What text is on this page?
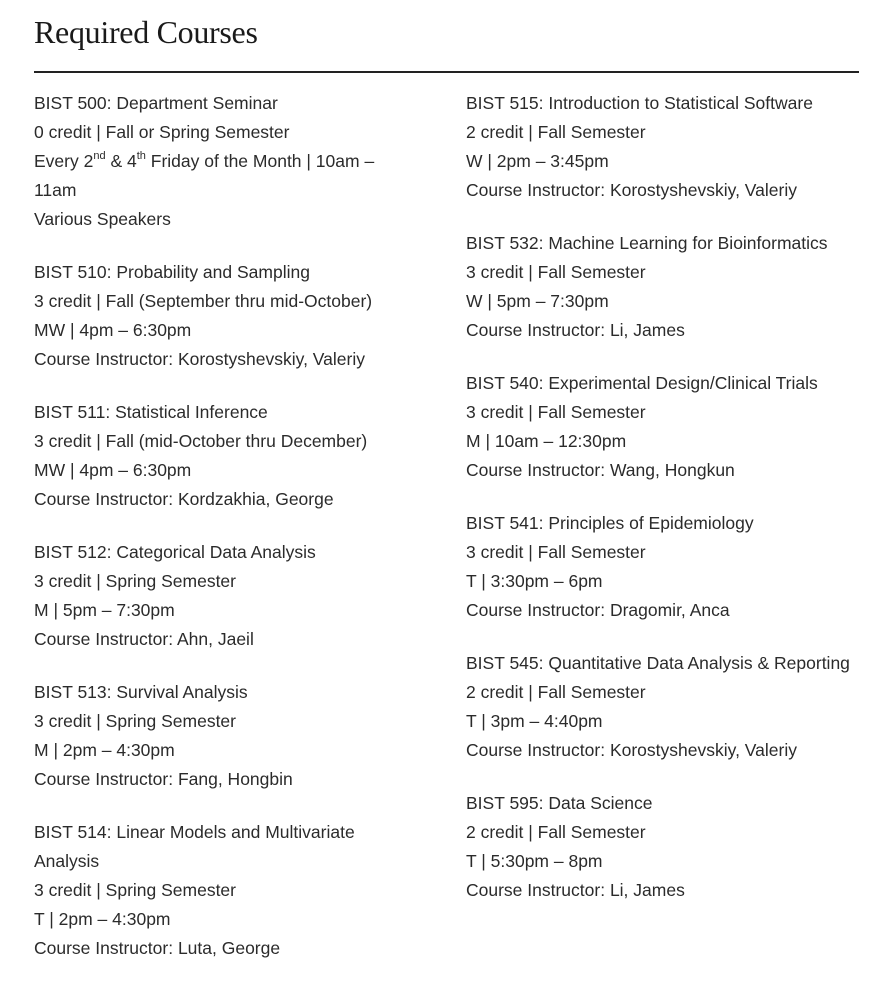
Required Courses
BIST 500: Department Seminar
0 credit | Fall or Spring Semester
Every 2nd & 4th Friday of the Month | 10am – 11am
Various Speakers
BIST 510: Probability and Sampling
3 credit | Fall (September thru mid-October)
MW | 4pm – 6:30pm
Course Instructor: Korostyshevskiy, Valeriy
BIST 511: Statistical Inference
3 credit | Fall (mid-October thru December)
MW | 4pm – 6:30pm
Course Instructor: Kordzakhia, George
BIST 512: Categorical Data Analysis
3 credit | Spring Semester
M | 5pm – 7:30pm
Course Instructor: Ahn, Jaeil
BIST 513: Survival Analysis
3 credit | Spring Semester
M | 2pm – 4:30pm
Course Instructor: Fang, Hongbin
BIST 514: Linear Models and Multivariate Analysis
3 credit | Spring Semester
T | 2pm – 4:30pm
Course Instructor: Luta, George
BIST 515: Introduction to Statistical Software
2 credit | Fall Semester
W | 2pm – 3:45pm
Course Instructor: Korostyshevskiy, Valeriy
BIST 532: Machine Learning for Bioinformatics
3 credit | Fall Semester
W | 5pm – 7:30pm
Course Instructor: Li, James
BIST 540: Experimental Design/Clinical Trials
3 credit | Fall Semester
M | 10am – 12:30pm
Course Instructor: Wang, Hongkun
BIST 541: Principles of Epidemiology
3 credit | Fall Semester
T | 3:30pm – 6pm
Course Instructor: Dragomir, Anca
BIST 545: Quantitative Data Analysis & Reporting
2 credit | Fall Semester
T | 3pm – 4:40pm
Course Instructor: Korostyshevskiy, Valeriy
BIST 595: Data Science
2 credit | Fall Semester
T | 5:30pm – 8pm
Course Instructor: Li, James
